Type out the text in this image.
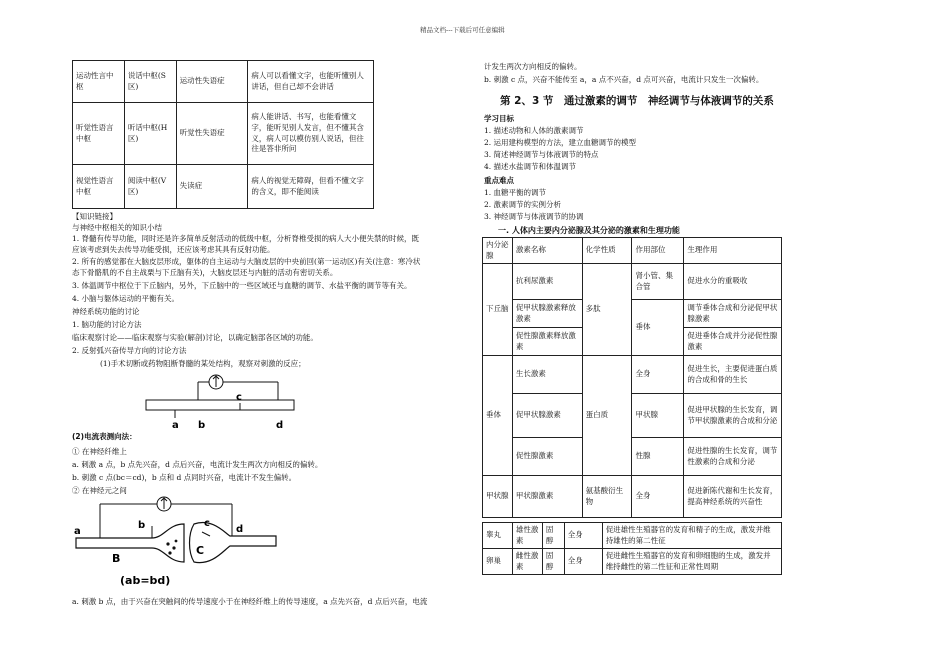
精品文档---下载后可任意编辑
运动性言中枢	说话中枢(S区)	运动性失语症	病人可以看懂文字，也能听懂别人讲话，但自己却不会讲话
听觉性语言中枢	听话中枢(H区)	听觉性失语症	病人能讲话、书写，也能看懂文字，能听见别人发言，但不懂其含义，病人可以模仿别人说话，但往往是答非所问
视觉性语言中枢	阅读中枢(V区)	失读症	病人的视觉无障碍，但看不懂文字的含义，即不能阅读
【知识链接】
与神经中枢相关的知识小结
1. 脊髓有传导功能，同时还是许多简单反射活动的低级中枢，分析脊椎受损的病人大小便失禁的时候，既
应该考虑到失去传导功能受损，还应该考虑其具有反射功能。
2. 所有的感觉都在大脑皮层形成，躯体的自主运动与大脑皮层的中央前回(第一运动区)有关(注意：寒冷状
态下骨骼肌的不自主战栗与下丘脑有关)，大脑皮层还与内脏的活动有密切关系。
3. 体温调节中枢位于下丘脑内，另外，下丘脑中的一些区域还与血糖的调节、水盐平衡的调节等有关。
4. 小脑与躯体运动的平衡有关。
神经系统功能的讨论
1. 脑功能的讨论方法
临床观察讨论——临床观察与实验(解剖)讨论，以确定脑部各区域的功能。
2. 反射弧兴奋传导方向的讨论方法
(1)手术切断或药物阻断脊髓的某处结构，观察对刺激的反应；
a b
c
d
(2)电流表测向法：
① 在神经纤维上
a. 刺激 a 点，b 点先兴奋，d 点后兴奋，电流计发生两次方向相反的偏转。
b. 刺激 c 点(bc＝cd)，b 点和 d 点同时兴奋，电流计不发生偏转。
② 在神经元之间
a
b	c
d
B
C
(ab=bd)
a. 刺激 b 点，由于兴奋在突触间的传导速度小于在神经纤维上的传导速度，a 点先兴奋，d 点后兴奋，电流
计发生两次方向相反的偏转。
b. 刺激 c 点，兴奋不能传至 a，a 点不兴奋，d 点可兴奋，电流计只发生一次偏转。
第 2、3 节　通过激素的调节　神经调节与体液调节的关系
学习目标
1. 描述动物和人体的激素调节
2. 运用建构模型的方法，建立血糖调节的模型
3. 简述神经调节与体液调节的特点
4. 描述水盐调节和体温调节
重点难点
1. 血糖平衡的调节
2. 激素调节的实例分析
3. 神经调节与体液调节的协调
一. 人体内主要内分泌腺及其分泌的激素和生理功能
内分泌腺	激素名称	化学性质	作用部位	生理作用
下丘脑	抗利尿激素	多肽	肾小管、集合管	促进水分的重吸收
	促甲状腺激素释放激素		垂体	调节垂体合成和分泌促甲状腺激素
	促性腺激素释放激素			促进垂体合成并分泌促性腺激素
垂体	生长激素	蛋白质	全身	促进生长，主要促进蛋白质的合成和骨的生长
	促甲状腺激素		甲状腺	促进甲状腺的生长发育，调节甲状腺激素的合成和分泌
	促性腺激素		性腺	促进性腺的生长发育，调节性激素的合成和分泌
甲状腺	甲状腺激素	氨基酸衍生物	全身	促进新陈代谢和生长发育，提高神经系统的兴奋性
睾丸	雄性激素	固醇	全身	促进雄性生殖器官的发育和精子的生成，激发并维持雄性的第二性征
卵巢	雌性激素	固醇	全身	促进雌性生殖器官的发育和卵细胞的生成，激发并维持雌性的第二性征和正常性周期
